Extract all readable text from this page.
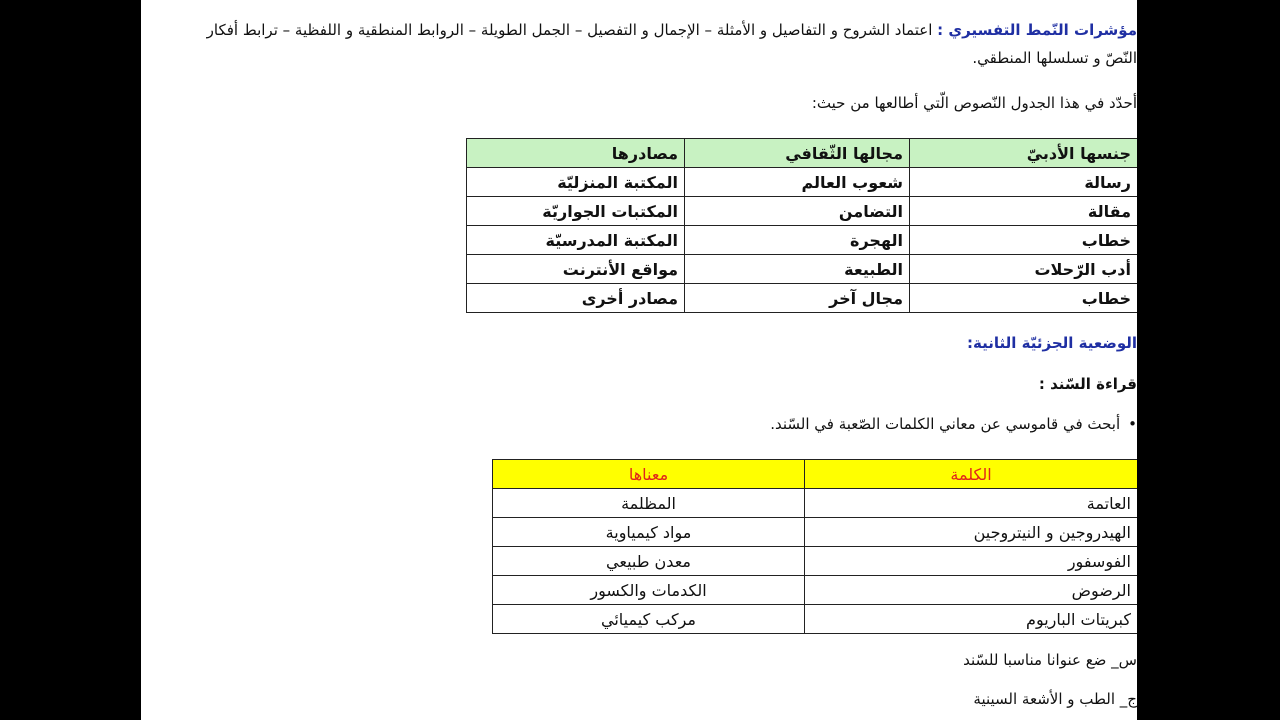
مؤشرات النّمط التفسيري : اعتماد الشروح و التفاصيل و الأمثلة – الإجمال و التفصيل – الجمل الطويلة – الروابط المنطقية و اللفظية – ترابط أفكار
النّصّ و تسلسلها المنطقي.
أحدّد في هذا الجدول النّصوص الّتي أطالعها من حيث:
جنسها الأدبيّ	مجالها الثّقافي	مصادرها
رسالة	شعوب العالم	المكتبة المنزليّة
مقالة	التضامن	المكتبات الجواريّة
خطاب	الهجرة	المكتبة المدرسيّة
أدب الرّحلات	الطبيعة	مواقع الأنترنت
خطاب	مجال آخر	مصادر أخرى
الوضعية الجزئيّة الثانية:
قراءة السّند :
•أبحث في قاموسي عن معاني الكلمات الصّعبة في السّند.
الكلمة	معناها
العاتمة	المظلمة
الهيدروجين و النيتروجين	مواد كيمياوية
الفوسفور	معدن طبيعي
الرضوض	الكدمات والكسور
كبريتات الباريوم	مركب كيميائي
س_ ضع عنوانا مناسبا للسّند
ج_ الطب و الأشعة السينية
